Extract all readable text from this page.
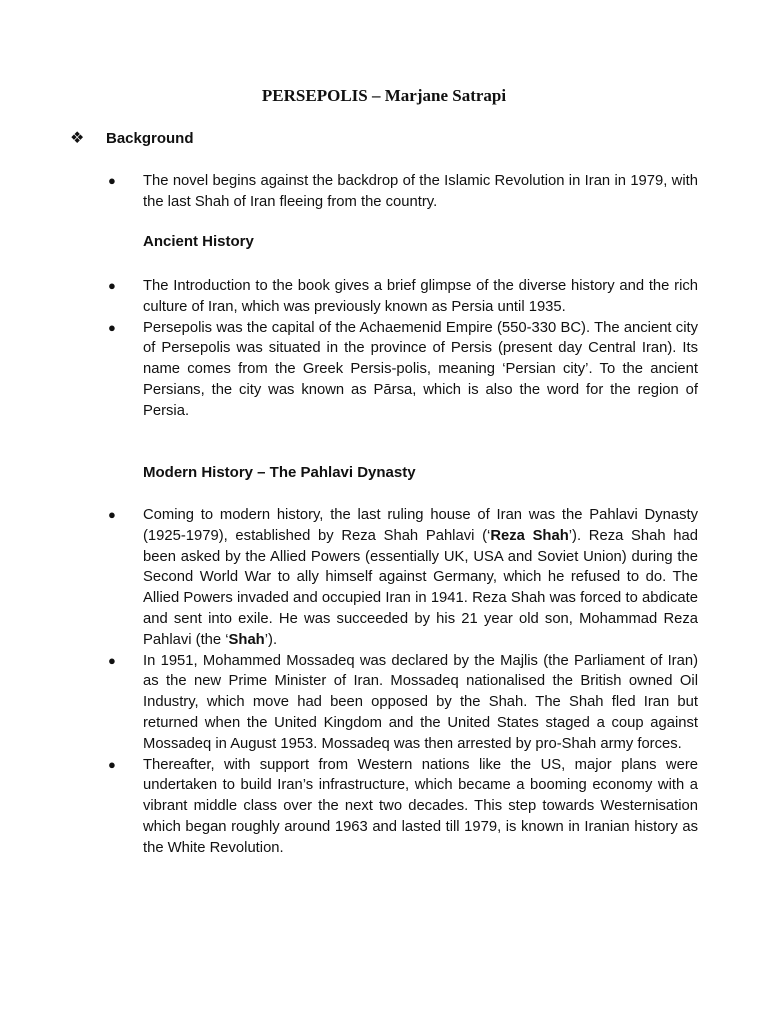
PERSEPOLIS – Marjane Satrapi
❖	Background
● The novel begins against the backdrop of the Islamic Revolution in Iran in 1979, with the last Shah of Iran fleeing from the country.
Ancient History
● The Introduction to the book gives a brief glimpse of the diverse history and the rich culture of Iran, which was previously known as Persia until 1935.
● Persepolis was the capital of the Achaemenid Empire (550-330 BC). The ancient city of Persepolis was situated in the province of Persis (present day Central Iran). Its name comes from the Greek Persis-polis, meaning ‘Persian city’. To the ancient Persians, the city was known as Pārsa, which is also the word for the region of Persia.
Modern History – The Pahlavi Dynasty
● Coming to modern history, the last ruling house of Iran was the Pahlavi Dynasty (1925-1979), established by Reza Shah Pahlavi (‘Reza Shah’). Reza Shah had been asked by the Allied Powers (essentially UK, USA and Soviet Union) during the Second World War to ally himself against Germany, which he refused to do. The Allied Powers invaded and occupied Iran in 1941. Reza Shah was forced to abdicate and sent into exile. He was succeeded by his 21 year old son, Mohammad Reza Pahlavi (the ‘Shah’).
● In 1951, Mohammed Mossadeq was declared by the Majlis (the Parliament of Iran) as the new Prime Minister of Iran. Mossadeq nationalised the British owned Oil Industry, which move had been opposed by the Shah. The Shah fled Iran but returned when the United Kingdom and the United States staged a coup against Mossadeq in August 1953. Mossadeq was then arrested by pro-Shah army forces.
● Thereafter, with support from Western nations like the US, major plans were undertaken to build Iran’s infrastructure, which became a booming economy with a vibrant middle class over the next two decades. This step towards Westernisation which began roughly around 1963 and lasted till 1979, is known in Iranian history as the White Revolution.
